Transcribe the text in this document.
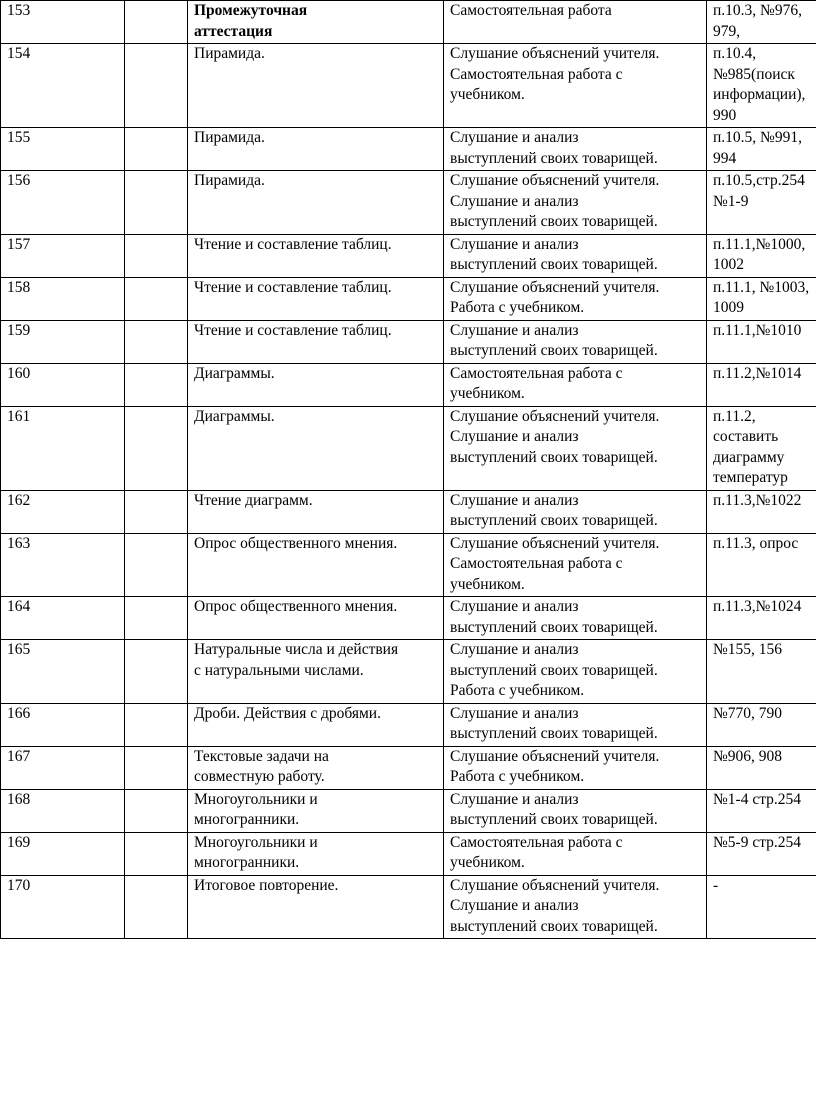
153		Промежуточная
аттестация	Самостоятельная работа	п.10.3, №976,
979,

154		Пирамида.	Слушание объяснений учителя.
Самостоятельная работа с
учебником.	п.10.4,
№985(поиск
информации),
990

155		Пирамида.	Слушание и анализ
выступлений своих товарищей.	п.10.5, №991,
994

156		Пирамида.	Слушание объяснений учителя.
Слушание и анализ
выступлений своих товарищей.	п.10.5,стр.254
№1-9

157		Чтение и составление таблиц.	Слушание и анализ
выступлений своих товарищей.	п.11.1,№1000,
1002

158		Чтение и составление таблиц.	Слушание объяснений учителя.
Работа с учебником.	п.11.1, №1003,
1009

159		Чтение и составление таблиц.	Слушание и анализ
выступлений своих товарищей.	п.11.1,№1010

160		Диаграммы.	Самостоятельная работа с
учебником.	п.11.2,№1014

161		Диаграммы.	Слушание объяснений учителя.
Слушание и анализ
выступлений своих товарищей.	п.11.2,
составить
диаграмму
температур

162		Чтение диаграмм.	Слушание и анализ
выступлений своих товарищей.	п.11.3,№1022

163		Опрос общественного мнения.	Слушание объяснений учителя.
Самостоятельная работа с
учебником.	п.11.3, опрос

164		Опрос общественного мнения.	Слушание и анализ
выступлений своих товарищей.	п.11.3,№1024

165		Натуральные числа и действия
с натуральными числами.	Слушание и анализ
выступлений своих товарищей.
Работа с учебником.	№155, 156

166		Дроби. Действия с дробями.	Слушание и анализ
выступлений своих товарищей.	№770, 790

167		Текстовые задачи на
совместную работу.	Слушание объяснений учителя.
Работа с учебником.	№906, 908

168		Многоугольники и
многогранники.	Слушание и анализ
выступлений своих товарищей.	№1-4 стр.254

169		Многоугольники и
многогранники.	Самостоятельная работа с
учебником.	№5-9 стр.254

170		Итоговое повторение.	Слушание объяснений учителя.
Слушание и анализ
выступлений своих товарищей.	-
